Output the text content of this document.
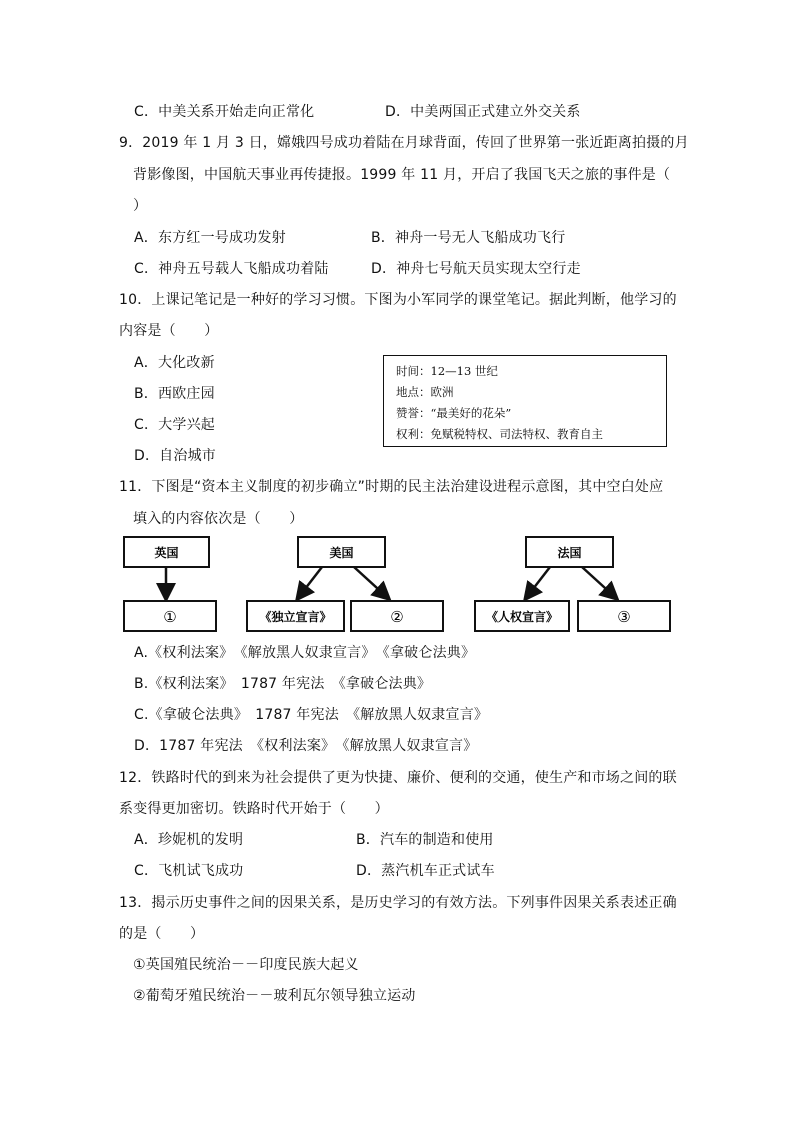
C．中美关系开始走向正常化	D．中美两国正式建立外交关系
9．2019 年 1 月 3 日，嫦娥四号成功着陆在月球背面，传回了世界第一张近距离拍摄的月
背影像图，中国航天事业再传捷报。1999 年 11 月，开启了我国飞天之旅的事件是（
）
A．东方红一号成功发射	B．神舟一号无人飞船成功飞行
C．神舟五号载人飞船成功着陆	D．神舟七号航天员实现太空行走
10．上课记笔记是一种好的学习习惯。下图为小军同学的课堂笔记。据此判断，他学习的
内容是（　　）
A．大化改新
B．西欧庄园
C．大学兴起
D．自治城市
时间：12—13 世纪
地点：欧洲
赞誉：“最美好的花朵”
权利：免赋税特权、司法特权、教育自主
11．下图是“资本主义制度的初步确立”时期的民主法治建设进程示意图，其中空白处应
填入的内容依次是（　　）
英国
①
美国
《独立宣言》	②
法国
《人权宣言》	③
A.《权利法案》　《解放黑人奴隶宣言》　《拿破仑法典》
B.《权利法案》　1787 年宪法　《拿破仑法典》
C.《拿破仑法典》　1787 年宪法　《解放黑人奴隶宣言》
D．1787 年宪法　《权利法案》　《解放黑人奴隶宣言》
12．铁路时代的到来为社会提供了更为快捷、廉价、便利的交通，使生产和市场之间的联
系变得更加密切。铁路时代开始于（　　）
A．珍妮机的发明	B．汽车的制造和使用
C．飞机试飞成功	D．蒸汽机车正式试车
13．揭示历史事件之间的因果关系，是历史学习的有效方法。下列事件因果关系表述正确
的是（　　）
①英国殖民统治－－印度民族大起义
②葡萄牙殖民统治－－玻利瓦尔领导独立运动
